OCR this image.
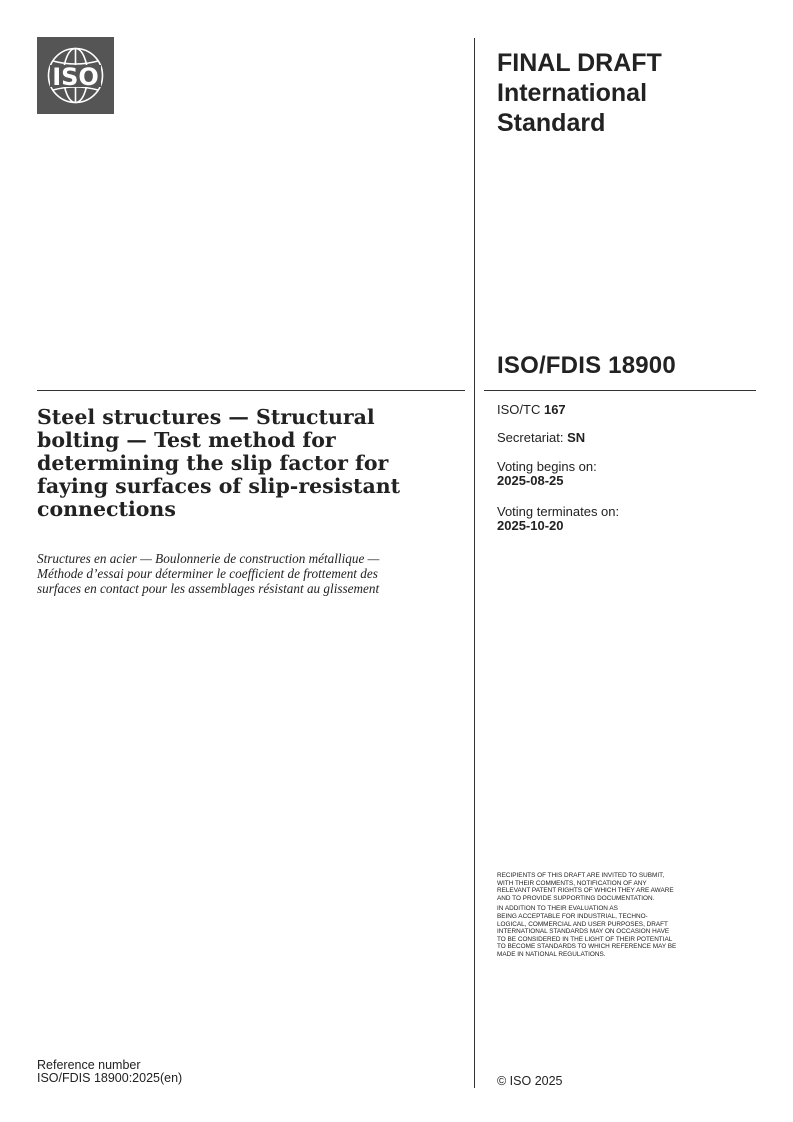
ISO	FINAL DRAFT
International
Standard
ISO/FDIS 18900
Steel structures — Structural
bolting — Test method for
determining the slip factor for
faying surfaces of slip-resistant
connections
Structures en acier — Boulonnerie de construction métallique —
Méthode d’essai pour déterminer le coefficient de frottement des
surfaces en contact pour les assemblages résistant au glissement
ISO/TC 167
Secretariat: SN
Voting begins on:
2025-08-25
Voting terminates on:
2025-10-20

RECIPIENTS OF THIS DRAFT ARE INVITED TO SUBMIT,
WITH THEIR COMMENTS, NOTIFICATION OF ANY
RELEVANT PATENT RIGHTS OF WHICH THEY ARE AWARE
AND TO PROVIDE SUPPORTING DOCUMENTATION.

IN ADDITION TO THEIR EVALUATION AS
BEING ACCEPTABLE FOR INDUSTRIAL, TECHNO-
LOGICAL, COMMERCIAL AND USER PURPOSES, DRAFT
INTERNATIONAL STANDARDS MAY ON OCCASION HAVE
TO BE CONSIDERED IN THE LIGHT OF THEIR POTENTIAL
TO BECOME STANDARDS TO WHICH REFERENCE MAY BE
MADE IN NATIONAL REGULATIONS.

Reference number
ISO/FDIS 18900:2025(en)	© ISO 2025
